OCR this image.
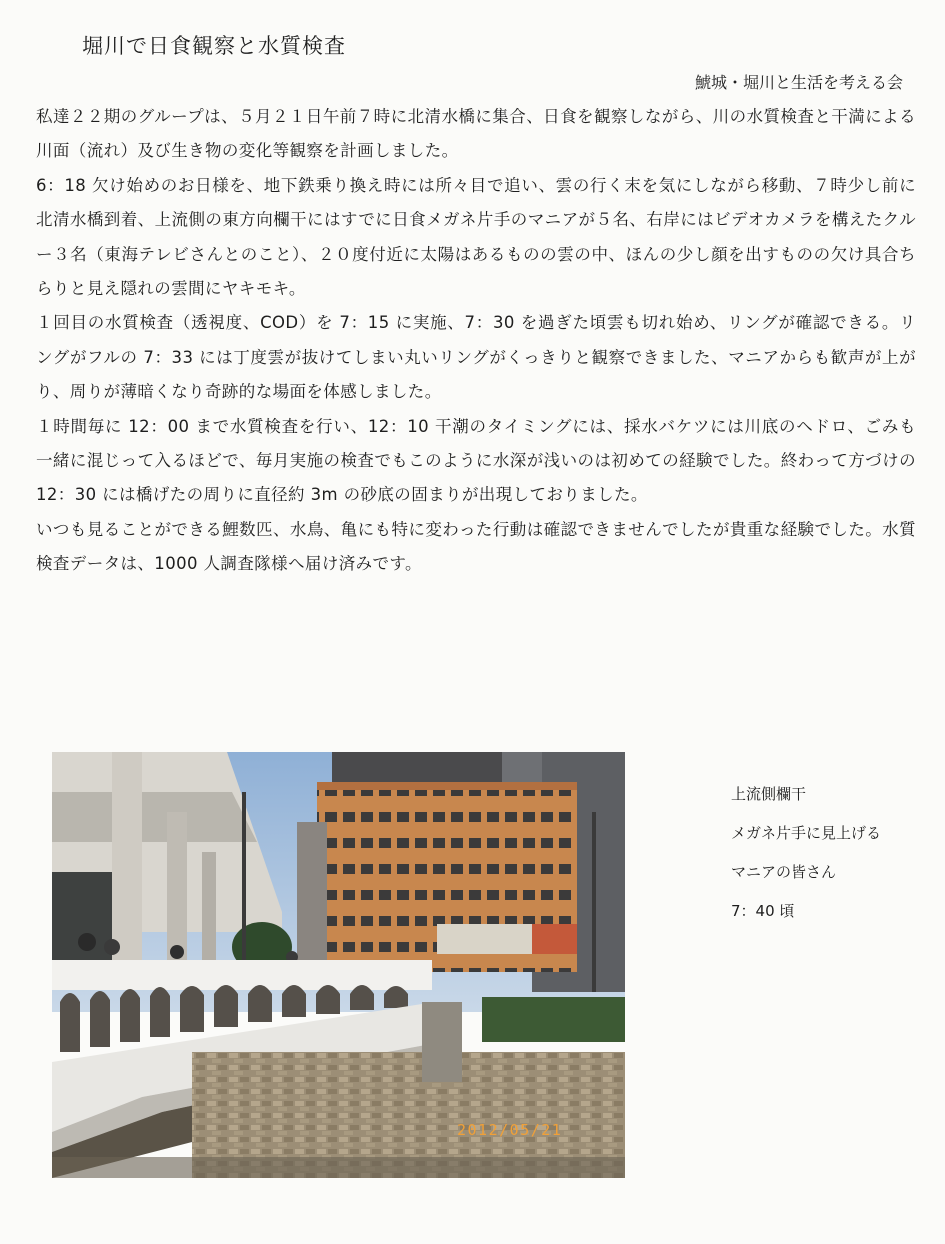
堀川で日食観察と水質検査
鯱城・堀川と生活を考える会

私達２２期のグループは、５月２１日午前７時に北清水橋に集合、日食を観察しながら、川の水質検査と干満による川面（流れ）及び生き物の変化等観察を計画しました。

6：18 欠け始めのお日様を、地下鉄乗り換え時には所々目で追い、雲の行く末を気にしながら移動、７時少し前に北清水橋到着、上流側の東方向欄干にはすでに日食メガネ片手のマニアが５名、右岸にはビデオカメラを構えたクルー３名（東海テレビさんとのこと）、２０度付近に太陽はあるものの雲の中、ほんの少し顔を出すものの欠け具合ちらりと見え隠れの雲間にヤキモキ。

１回目の水質検査（透視度、COD）を 7：15 に実施、7：30 を過ぎた頃雲も切れ始め、リングが確認できる。リングがフルの 7：33 には丁度雲が抜けてしまい丸いリングがくっきりと観察できました、マニアからも歓声が上がり、周りが薄暗くなり奇跡的な場面を体感しました。

１時間毎に 12：00 まで水質検査を行い、12：10 干潮のタイミングには、採水バケツには川底のヘドロ、ごみも一緒に混じって入るほどで、毎月実施の検査でもこのように水深が浅いのは初めての経験でした。終わって方づけの 12：30 には橋げたの周りに直径約 3m の砂底の固まりが出現しておりました。

いつも見ることができる鯉数匹、水鳥、亀にも特に変わった行動は確認できませんでしたが貴重な経験でした。水質検査データは、1000 人調査隊様へ届け済みです。

2012/05/21
上流側欄干
メガネ片手に見上げる
マニアの皆さん
7：40 頃
